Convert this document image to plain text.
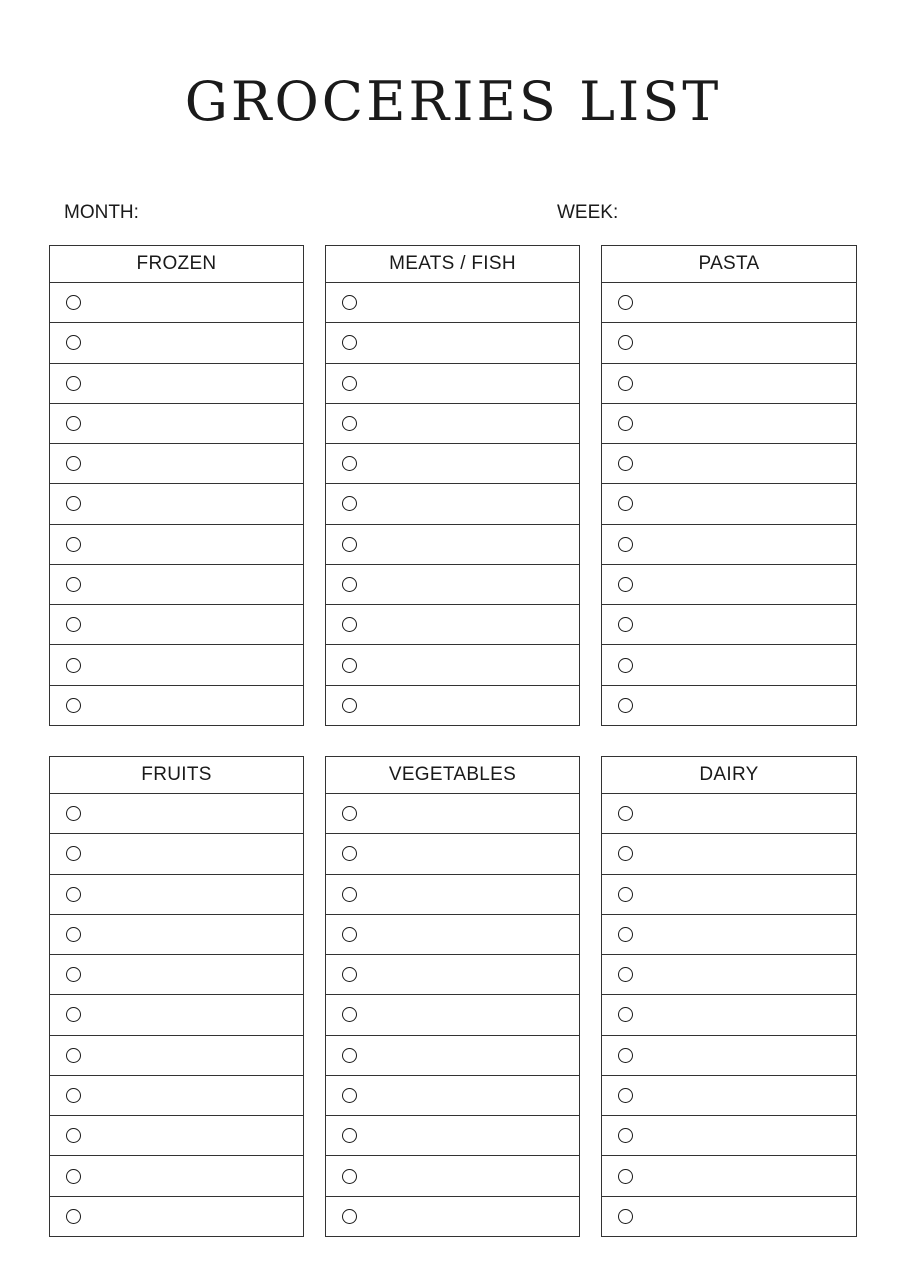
GROCERIES LIST
MONTH:	WEEK:
FROZEN	MEATS / FISH	PASTA
FRUITS	VEGETABLES	DAIRY
